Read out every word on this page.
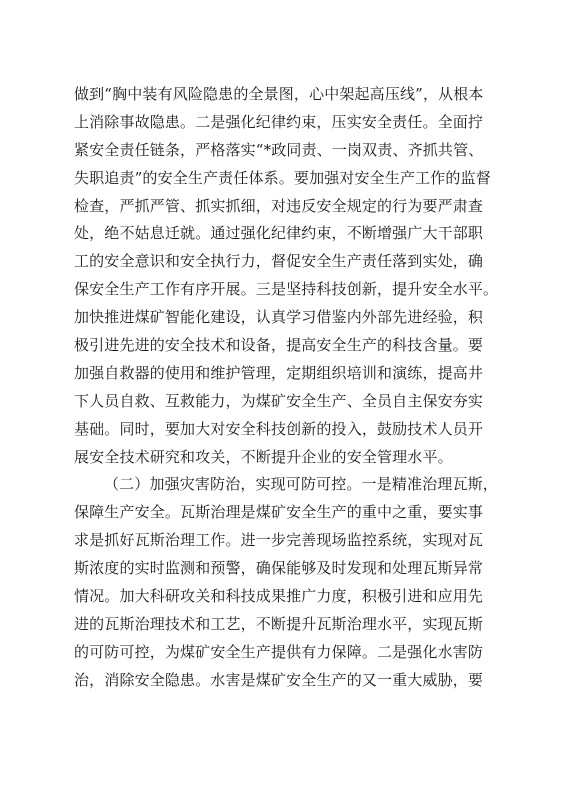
做到“胸中装有风险隐患的全景图，心中架起高压线”，从根本
上消除事故隐患。二是强化纪律约束，压实安全责任。全面拧
紧安全责任链条，严格落实“*政同责、一岗双责、齐抓共管、
失职追责”的安全生产责任体系。要加强对安全生产工作的监督
检查，严抓严管、抓实抓细，对违反安全规定的行为要严肃查
处，绝不姑息迁就。通过强化纪律约束，不断增强广大干部职
工的安全意识和安全执行力，督促安全生产责任落到实处，确
保安全生产工作有序开展。三是坚持科技创新，提升安全水平。
加快推进煤矿智能化建设，认真学习借鉴内外部先进经验，积
极引进先进的安全技术和设备，提高安全生产的科技含量。要
加强自救器的使用和维护管理，定期组织培训和演练，提高井
下人员自救、互救能力，为煤矿安全生产、全员自主保安夯实
基础。同时，要加大对安全科技创新的投入，鼓励技术人员开
展安全技术研究和攻关，不断提升企业的安全管理水平。
（二）加强灾害防治，实现可防可控。一是精准治理瓦斯，
保障生产安全。瓦斯治理是煤矿安全生产的重中之重，要实事
求是抓好瓦斯治理工作。进一步完善现场监控系统，实现对瓦
斯浓度的实时监测和预警，确保能够及时发现和处理瓦斯异常
情况。加大科研攻关和科技成果推广力度，积极引进和应用先
进的瓦斯治理技术和工艺，不断提升瓦斯治理水平，实现瓦斯
的可防可控，为煤矿安全生产提供有力保障。二是强化水害防
治，消除安全隐患。水害是煤矿安全生产的又一重大威胁，要
